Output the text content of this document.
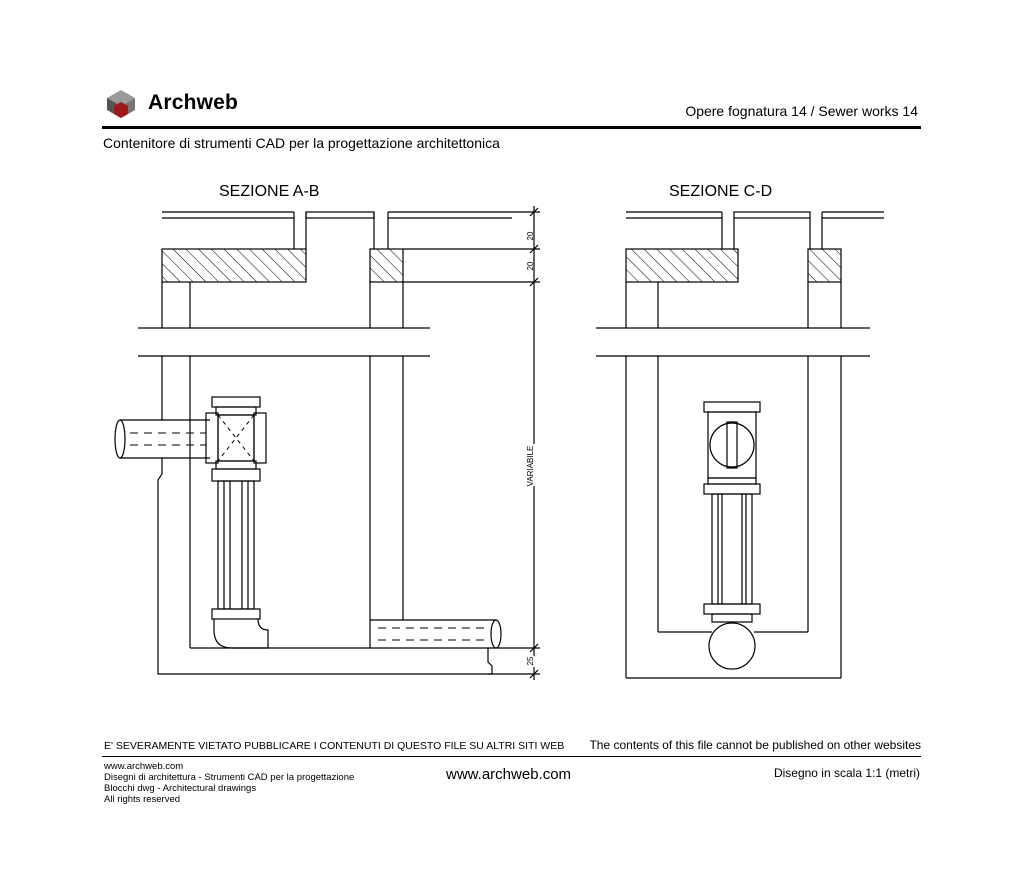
Archweb	Opere fognatura 14 / Sewer works 14
Contenitore di strumenti CAD per la progettazione architettonica
20
20
VARIABILE
25
SEZIONE A-B	SEZIONE C-D
E' SEVERAMENTE VIETATO PUBBLICARE I CONTENUTI DI QUESTO FILE SU ALTRI SITI WEB The contents of this file cannot be published on other websites
www.archweb.com
Disegni di architettura - Strumenti CAD per la progettazione
Blocchi dwg - Architectural drawings
All rights reserved
www.archweb.com	Disegno in scala 1:1 (metri)
